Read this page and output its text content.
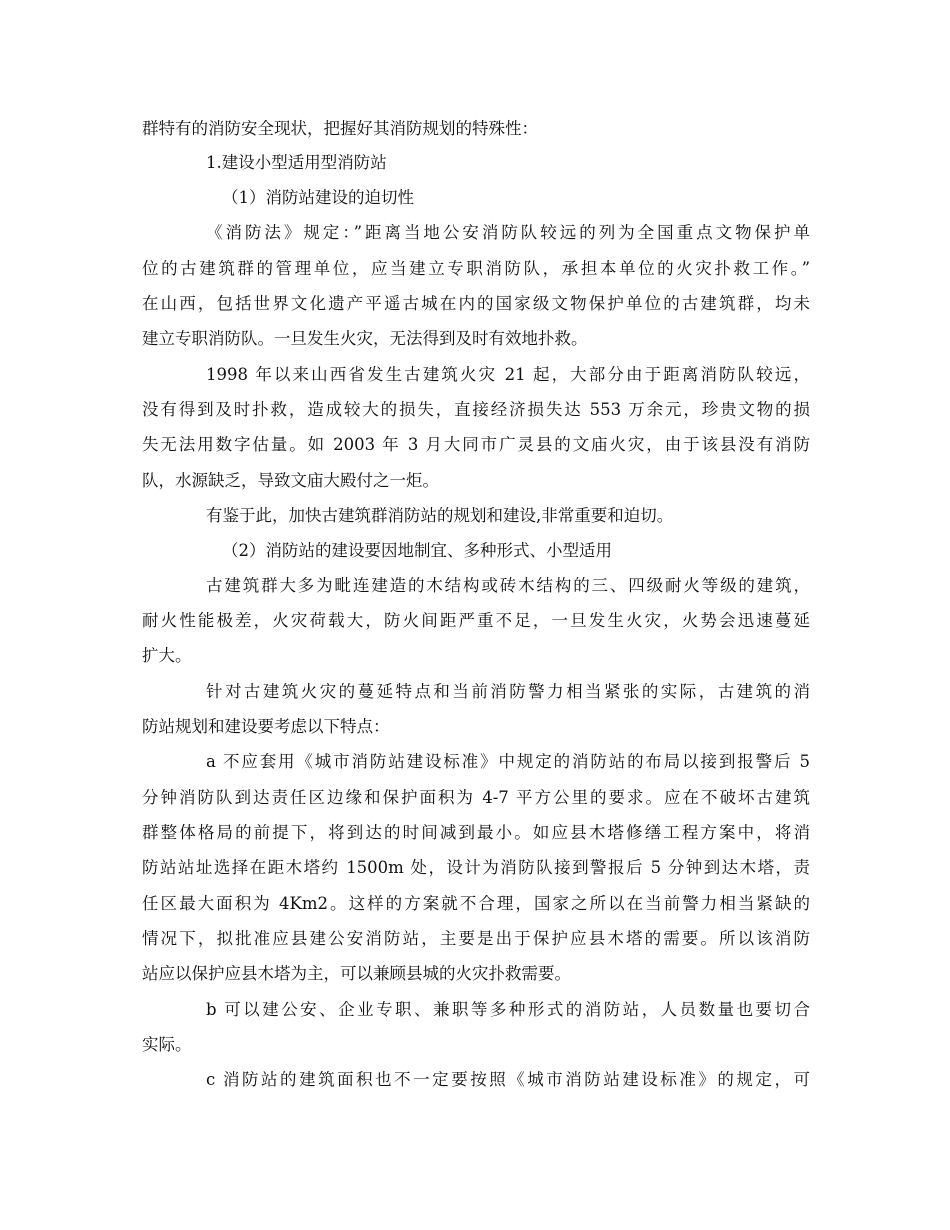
群特有的消防安全现状，把握好其消防规划的特殊性：
1.建设小型适用型消防站
（1）消防站建设的迫切性
《消防法》规定：”距离当地公安消防队较远的列为全国重点文物保护单
位的古建筑群的管理单位，应当建立专职消防队，承担本单位的火灾扑救工作。”
在山西，包括世界文化遗产平遥古城在内的国家级文物保护单位的古建筑群，均未
建立专职消防队。一旦发生火灾，无法得到及时有效地扑救。
1998 年以来山西省发生古建筑火灾 21 起，大部分由于距离消防队较远，
没有得到及时扑救，造成较大的损失，直接经济损失达 553 万余元，珍贵文物的损
失无法用数字估量。如 2003 年 3 月大同市广灵县的文庙火灾，由于该县没有消防
队，水源缺乏，导致文庙大殿付之一炬。
有鉴于此，加快古建筑群消防站的规划和建设,非常重要和迫切。
（2）消防站的建设要因地制宜、多种形式、小型适用
古建筑群大多为毗连建造的木结构或砖木结构的三、四级耐火等级的建筑，
耐火性能极差，火灾荷载大，防火间距严重不足，一旦发生火灾，火势会迅速蔓延
扩大。
针对古建筑火灾的蔓延特点和当前消防警力相当紧张的实际，古建筑的消
防站规划和建设要考虑以下特点：
a 不应套用《城市消防站建设标准》中规定的消防站的布局以接到报警后 5
分钟消防队到达责任区边缘和保护面积为 4-7 平方公里的要求。应在不破坏古建筑
群整体格局的前提下，将到达的时间减到最小。如应县木塔修缮工程方案中，将消
防站站址选择在距木塔约 1500m 处，设计为消防队接到警报后 5 分钟到达木塔，责
任区最大面积为 4Km2。这样的方案就不合理，国家之所以在当前警力相当紧缺的
情况下，拟批准应县建公安消防站，主要是出于保护应县木塔的需要。所以该消防
站应以保护应县木塔为主，可以兼顾县城的火灾扑救需要。
b 可以建公安、企业专职、兼职等多种形式的消防站，人员数量也要切合
实际。
c 消防站的建筑面积也不一定要按照《城市消防站建设标准》的规定，可
